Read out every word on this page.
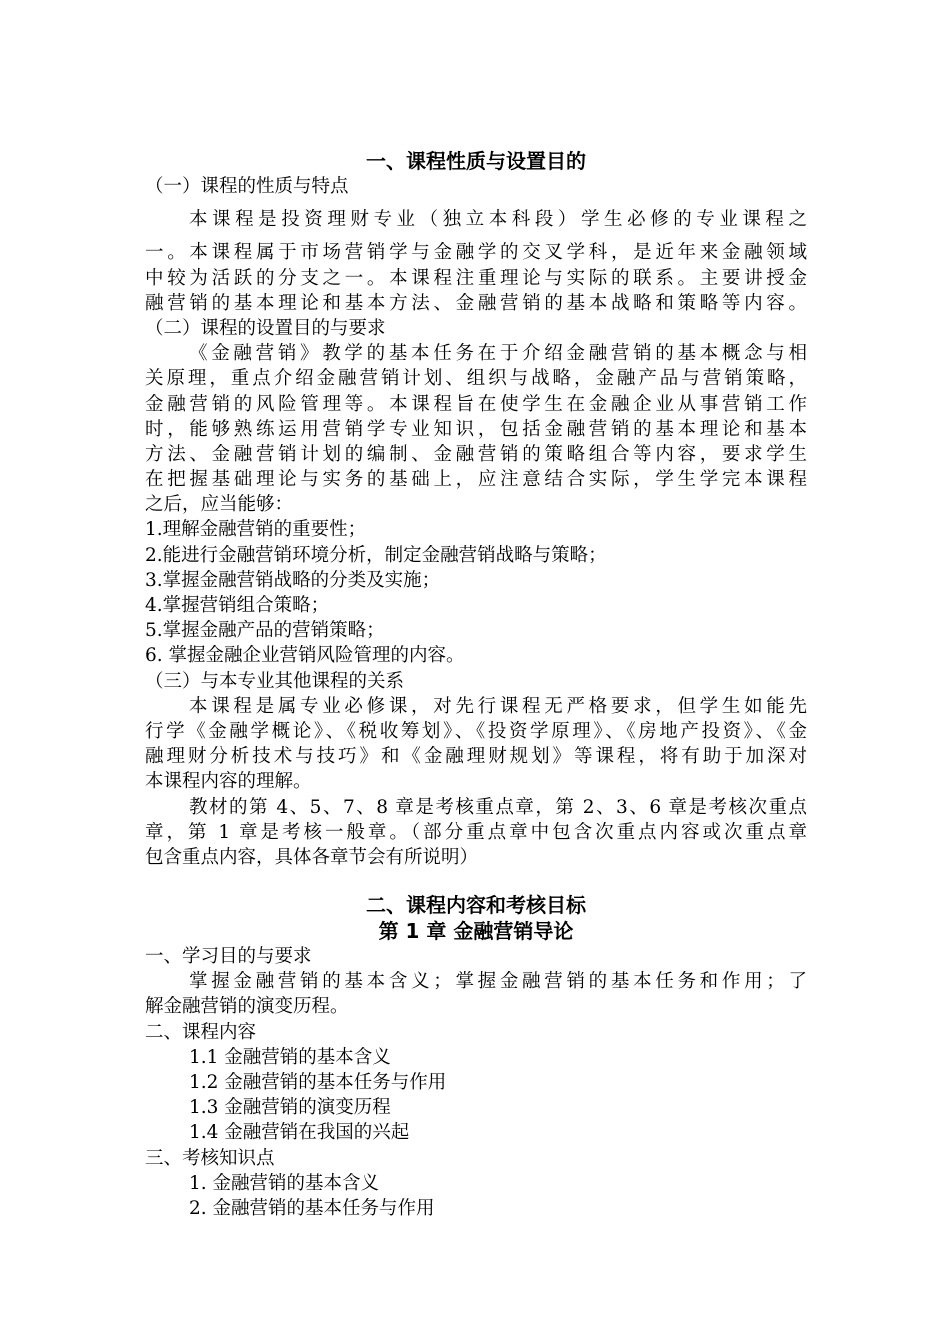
一、课程性质与设置目的
（一）课程的性质与特点
本课程是投资理财专业（独立本科段）学生必修的专业课程之
一。本课程属于市场营销学与金融学的交叉学科，是近年来金融领域
中较为活跃的分支之一。本课程注重理论与实际的联系。主要讲授金
融营销的基本理论和基本方法、金融营销的基本战略和策略等内容。
（二）课程的设置目的与要求
《金融营销》教学的基本任务在于介绍金融营销的基本概念与相
关原理，重点介绍金融营销计划、组织与战略，金融产品与营销策略，
金融营销的风险管理等。本课程旨在使学生在金融企业从事营销工作
时，能够熟练运用营销学专业知识，包括金融营销的基本理论和基本
方法、金融营销计划的编制、金融营销的策略组合等内容，要求学生
在把握基础理论与实务的基础上，应注意结合实际，学生学完本课程
之后，应当能够：
1.理解金融营销的重要性；
2.能进行金融营销环境分析，制定金融营销战略与策略；
3.掌握金融营销战略的分类及实施；
4.掌握营销组合策略；
5.掌握金融产品的营销策略；
6. 掌握金融企业营销风险管理的内容。
（三）与本专业其他课程的关系
本课程是属专业必修课，对先行课程无严格要求，但学生如能先
行学《金融学概论》、《税收筹划》、《投资学原理》、《房地产投资》、《金
融理财分析技术与技巧》和《金融理财规划》等课程，将有助于加深对
本课程内容的理解。
教材的第 4、5、7、8 章是考核重点章，第 2、3、6 章是考核次重点
章，第 1 章是考核一般章。（部分重点章中包含次重点内容或次重点章
包含重点内容，具体各章节会有所说明）
二、课程内容和考核目标
第 1 章 金融营销导论
一、学习目的与要求
掌握金融营销的基本含义；掌握金融营销的基本任务和作用；了
解金融营销的演变历程。
二、课程内容
1.1 金融营销的基本含义
1.2 金融营销的基本任务与作用
1.3 金融营销的演变历程
1.4 金融营销在我国的兴起
三、考核知识点
1. 金融营销的基本含义
2. 金融营销的基本任务与作用
